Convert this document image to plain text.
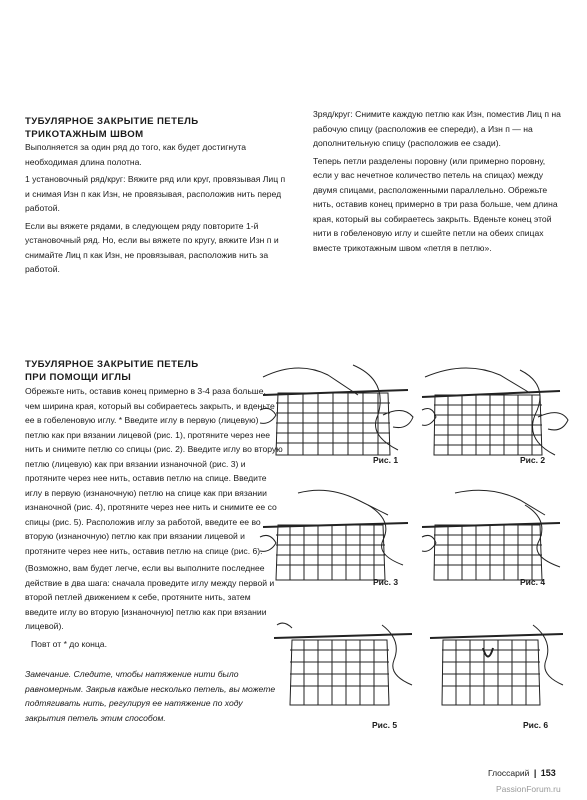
ТУБУЛЯРНОЕ ЗАКРЫТИЕ ПЕТЕЛЬ
ТРИКОТАЖНЫМ ШВОМ

Выполняется за один ряд до того, как будет достигнута необходимая длина полотна.

1 установочный ряд/круг: Вяжите ряд или круг, провязывая Лиц п и снимая Изн п как Изн, не провязывая, расположив нить перед работой.

Если вы вяжете рядами, в следующем ряду повторите 1-й установочный ряд. Но, если вы вяжете по кругу, вяжите Изн п и снимайте Лиц п как Изн, не провязывая, расположив нить за работой.

3ряд/круг: Снимите каждую петлю как Изн, поместив Лиц п на рабочую спицу (расположив ее спереди), а Изн п — на дополнительную спицу (расположив ее сзади).

Теперь петли разделены поровну (или примерно поровну, если у вас нечетное количество петель на спицах) между двумя спицами, расположенными параллельно. Обрежьте нить, оставив конец примерно в три раза больше, чем длина края, который вы собираетесь закрыть. Вденьте конец этой нити в гобеленовую иглу и сшейте петли на обеих спицах вместе трикотажным швом «петля в петлю».

ТУБУЛЯРНОЕ ЗАКРЫТИЕ ПЕТЕЛЬ
ПРИ ПОМОЩИ ИГЛЫ

Обрежьте нить, оставив конец примерно в 3-4 раза больше, чем ширина края, который вы собираетесь закрыть, и вденьте ее в гобеленовую иглу. * Введите иглу в первую (лицевую) петлю как при вязании лицевой (рис. 1), протяните через нее нить и снимите петлю со спицы (рис. 2). Введите иглу во вторую петлю (лицевую) как при вязании изнаночной (рис. 3) и протяните через нее нить, оставив петлю на спице. Введите иглу в первую (изнаночную) петлю на спице как при вязании изнаночной (рис. 4), протяните через нее нить и снимите ее со спицы (рис. 5). Расположив иглу за работой, введите ее во вторую (изнаночную) петлю как при вязании лицевой и протяните через нее нить, оставив петлю на спице (рис. 6).

(Возможно, вам будет легче, если вы выполните последнее действие в два шага: сначала проведите иглу между первой и второй петлей движением к себе, протяните нить, затем введите иглу во вторую [изнаночную] петлю как при вязании лицевой).

Повт от * до конца.

Замечание. Следите, чтобы натяжение нити было равномерным. Закрыв каждые несколько петель, вы можете подтягивать нить, регулируя ее натяжение по ходу закрытия петель этим способом.
Рис. 1	Рис. 2
Рис. 3	Рис. 4
Рис. 5	Рис. 6
Глоссарий | 153
PassionForum.ru
